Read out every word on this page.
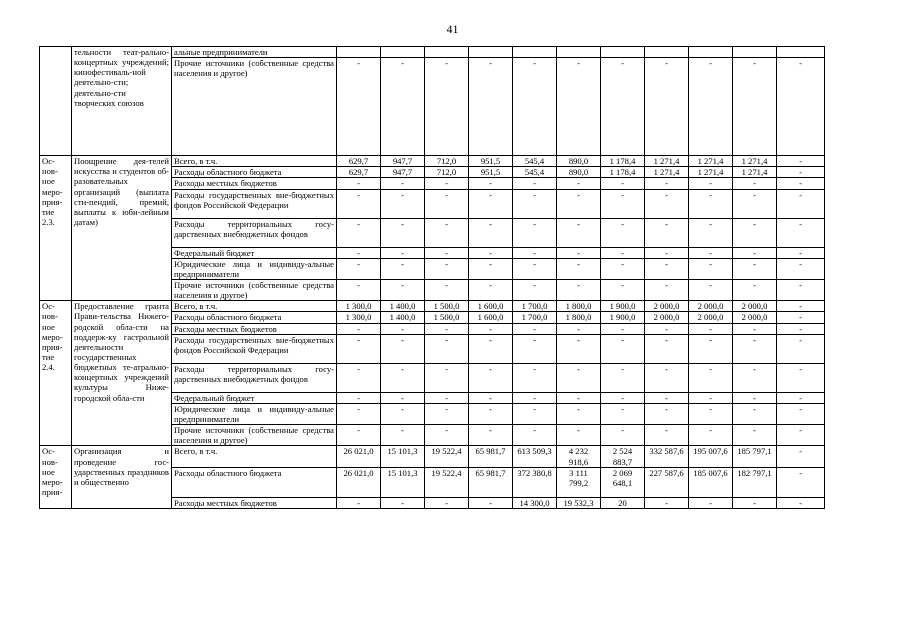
41
	тельности теат-рально-концертных учреждений; кинофестиваль-ной деятельно-сти; деятельно-сти творческих союзов	альные предприниматели											
		Прочие источники (собственные средства населения и другое)	-	-	-	-	-	-	-	-	-	-	-
Ос-нов-ное меро-прия-тие 2.3.	Поощрение дея-телей искусства и студентов об-разовательных организаций (выплата сти-пендий, премий, выплаты к юби-лейным датам)	Всего, в т.ч.	629,7	947,7	712,0	951,5	545,4	890,0	1 178,4	1 271,4	1 271,4	1 271,4	-
		Расходы областного бюджета	629,7	947,7	712,0	951,5	545,4	890,0	1 178,4	1 271,4	1 271,4	1 271,4	-
		Расходы местных бюджетов	-	-	-	-	-	-	-	-	-	-	-
		Расходы государственных вне-бюджетных фондов Российской Федерации	-	-	-	-	-	-	-	-	-	-	-
		Расходы территориальных госу-дарственных внебюджетных фондов	-	-	-	-	-	-	-	-	-	-	-
		Федеральный бюджет	-	-	-	-	-	-	-	-	-	-	-
		Юридические лица и индивиду-альные предприниматели	-	-	-	-	-	-	-	-	-	-	-
		Прочие источники (собственные средства населения и другое)	-	-	-	-	-	-	-	-	-	-	-
Ос-нов-ное меро-прия-тие 2.4.	Предоставление гранта Прави-тельства Нижего-родской обла-сти на поддерж-ку гастрольной деятельности государственных бюджетных те-атрально-концертных учреждений культуры Ниже-городской обла-сти	Всего, в т.ч.	1 300,0	1 400,0	1 500,0	1 600,0	1 700,0	1 800,0	1 900,0	2 000,0	2 000,0	2 000,0	-
		Расходы областного бюджета	1 300,0	1 400,0	1 500,0	1 600,0	1 700,0	1 800,0	1 900,0	2 000,0	2 000,0	2 000,0	-
		Расходы местных бюджетов	-	-	-	-	-	-	-	-	-	-	-
		Расходы государственных вне-бюджетных фондов Российской Федерации	-	-	-	-	-	-	-	-	-	-	-
		Расходы территориальных госу-дарственных внебюджетных фондов	-	-	-	-	-	-	-	-	-	-	-
		Федеральный бюджет	-	-	-	-	-	-	-	-	-	-	-
		Юридические лица и индивиду-альные предприниматели	-	-	-	-	-	-	-	-	-	-	-
		Прочие источники (собственные средства населения и другое)	-	-	-	-	-	-	-	-	-	-	-
Ос-нов-ное меро-прия-	Организация и проведение гос-ударственных праздников и общественно	Всего, в т.ч.	26 021,0	15 101,3	19 522,4	65 981,7	613 509,3	4 232 918,6	2 524 883,7	332 587,6	195 007,6	185 797,1	-
		Расходы областного бюджета	26 021,0	15 101,3	19 522,4	65 981,7	372 380,8	3 111 799,2	2 069 648,1	227 587,6	185 007,6	182 797,1	-
		Расходы местных бюджетов	-	-	-	-	14 300,0	19 532,3	20	-	-	-	-
